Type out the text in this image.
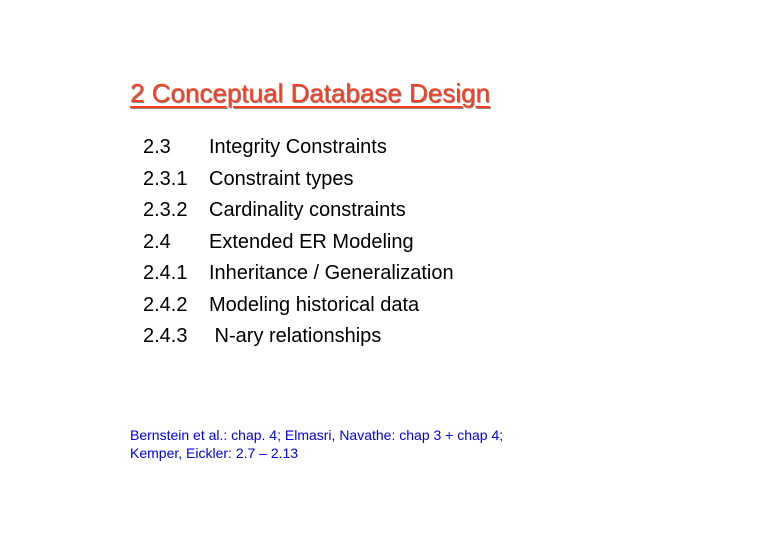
2 Conceptual Database Design
2.3	Integrity Constraints
2.3.1	Constraint types
2.3.2	Cardinality constraints
2.4	Extended ER Modeling
2.4.1	Inheritance / Generalization
2.4.2	Modeling historical data
2.4.3	N-ary relationships
Bernstein et al.: chap. 4; Elmasri, Navathe: chap 3 + chap 4;
Kemper, Eickler: 2.7 – 2.13
